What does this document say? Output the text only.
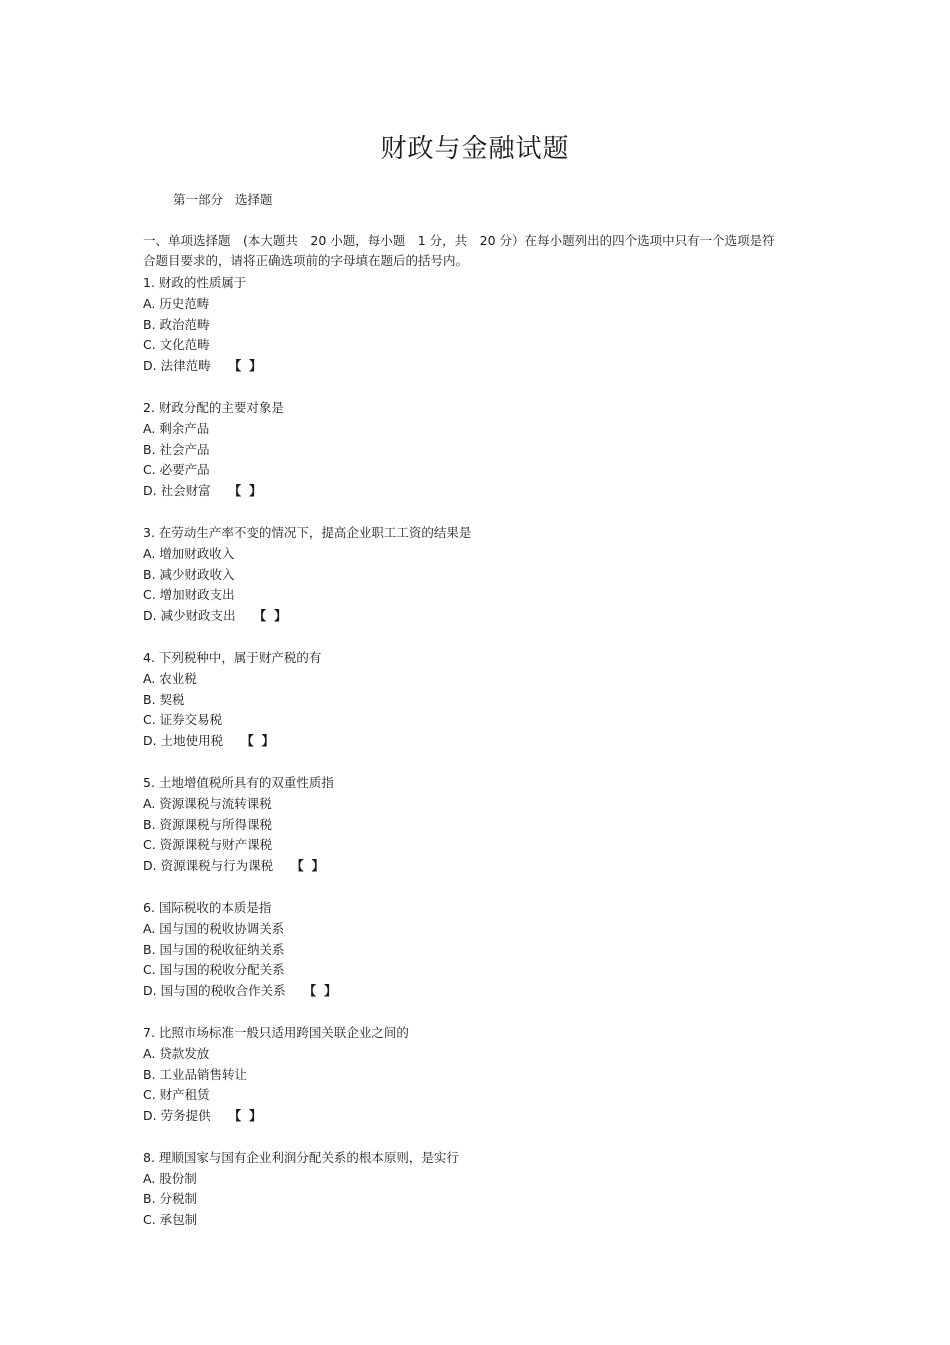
财政与金融试题
第一部分 选择题
一、单项选择题　(本大题共　20 小题，每小题　1 分，共　20 分）在每小题列出的四个选项中只有一个选项是符合题目要求的，请将正确选项前的字母填在题后的括号内。
1. 财政的性质属于
A. 历史范畴
B. 政治范畴
C. 文化范畴
D. 法律范畴 【】
2. 财政分配的主要对象是
A. 剩余产品
B. 社会产品
C. 必要产品
D. 社会财富 【】
3. 在劳动生产率不变的情况下，提高企业职工工资的结果是
A. 增加财政收入
B. 减少财政收入
C. 增加财政支出
D. 减少财政支出 【】
4. 下列税种中，属于财产税的有
A. 农业税
B. 契税
C. 证券交易税
D. 土地使用税 【】
5. 土地增值税所具有的双重性质指
A. 资源课税与流转课税
B. 资源课税与所得课税
C. 资源课税与财产课税
D. 资源课税与行为课税 【】
6. 国际税收的本质是指
A. 国与国的税收协调关系
B. 国与国的税收征纳关系
C. 国与国的税收分配关系
D. 国与国的税收合作关系 【】
7. 比照市场标准一般只适用跨国关联企业之间的
A. 贷款发放
B. 工业品销售转让
C. 财产租赁
D. 劳务提供 【】
8. 理顺国家与国有企业利润分配关系的根本原则，是实行
A. 股份制
B. 分税制
C. 承包制
